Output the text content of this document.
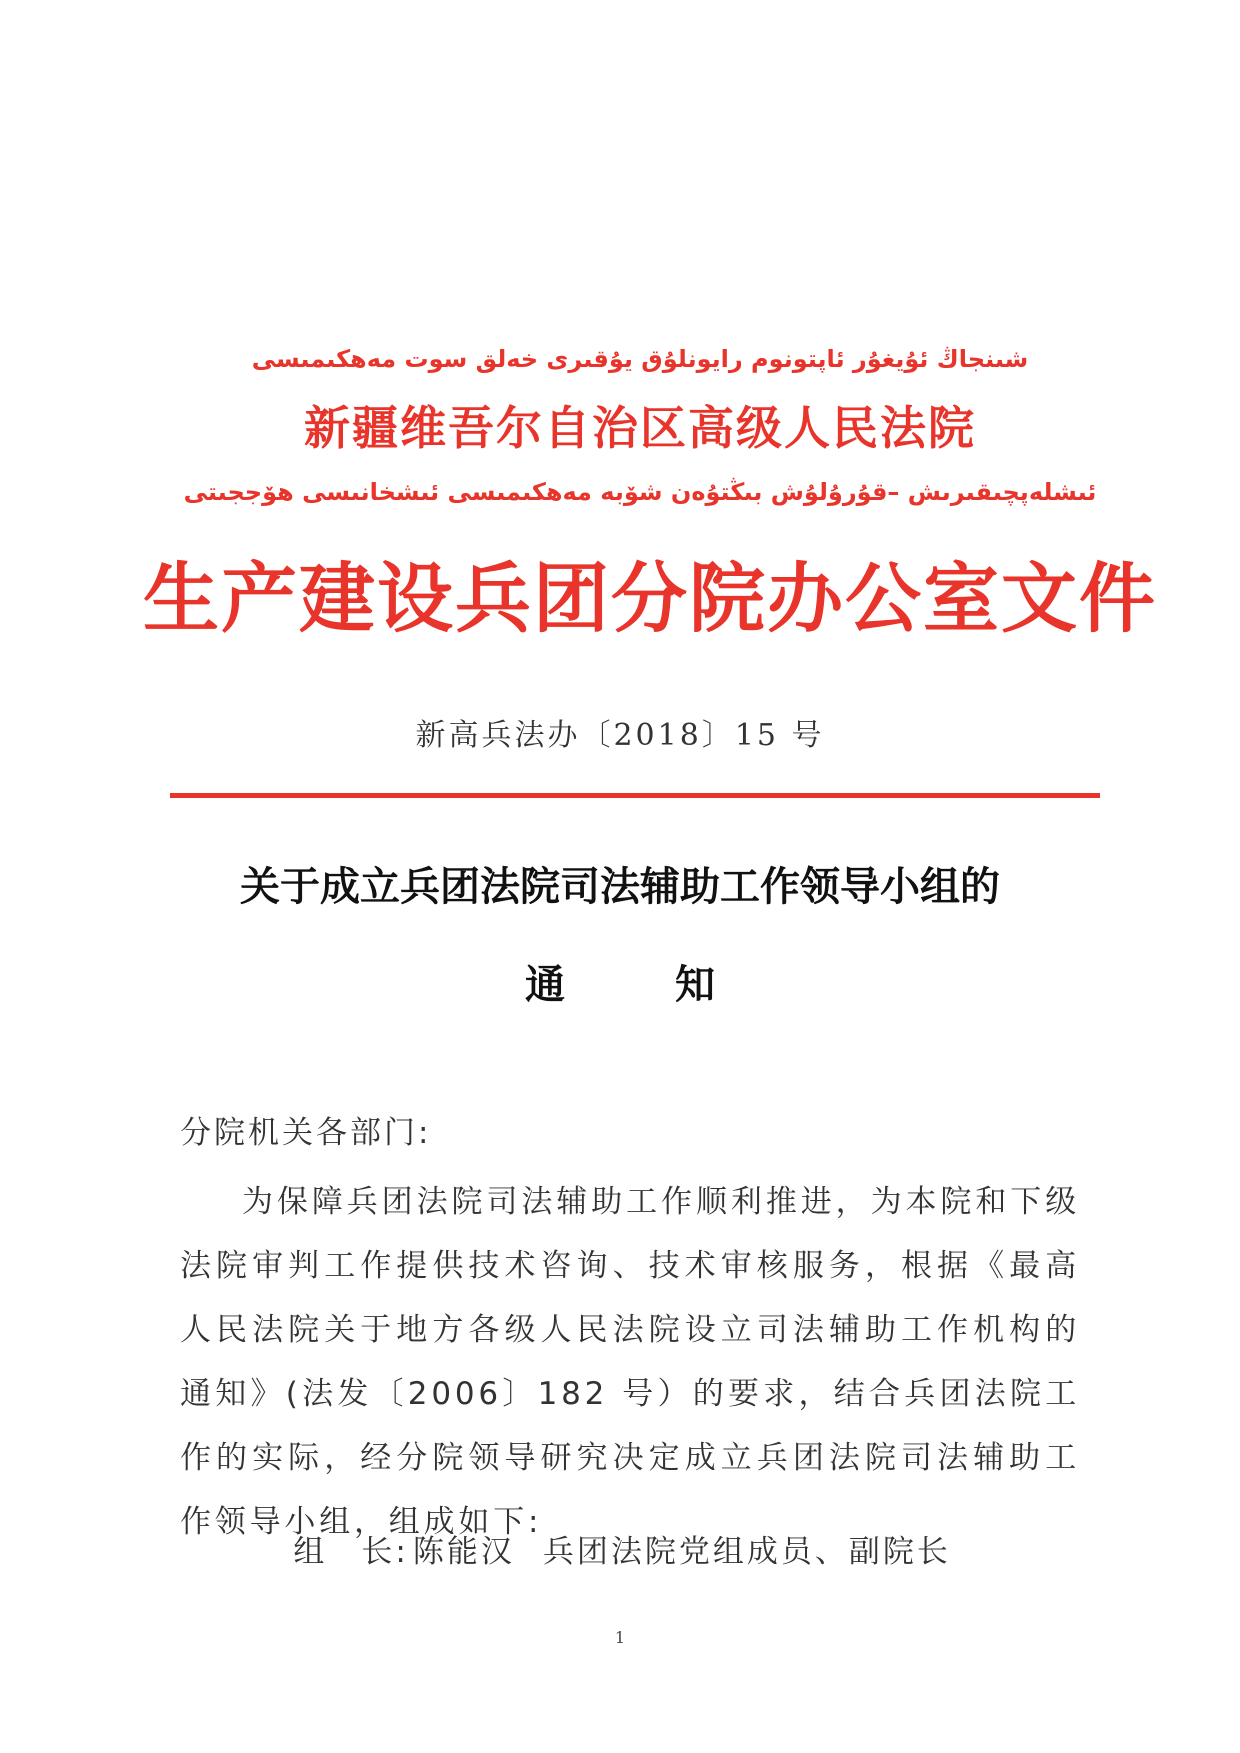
شىنجاڭ ئۇيغۇر ئاپتونوم رايونلۇق يۇقىرى خەلق سوت مەھكىمىسى
新疆维吾尔自治区高级人民法院
ئىشلەپچىقىرىش –قۇرۇلۇش بىڭتۇەن شۆبە مەھكىمىسى ئىشخانىسى ھۆججىتى
生产建设兵团分院办公室文件
新高兵法办〔2018〕15 号
关于成立兵团法院司法辅助工作领导小组的
通知
分院机关各部门:

为保障兵团法院司法辅助工作顺利推进，为本院和下级法院审判工作提供技术咨询、技术审核服务，根据《最高人民法院关于地方各级人民法院设立司法辅助工作机构的通知》(法发〔2006〕182 号）的要求，结合兵团法院工作的实际，经分院领导研究决定成立兵团法院司法辅助工作领导小组，组成如下:

组　长: 陈能汉 兵团法院党组成员、副院长

1
